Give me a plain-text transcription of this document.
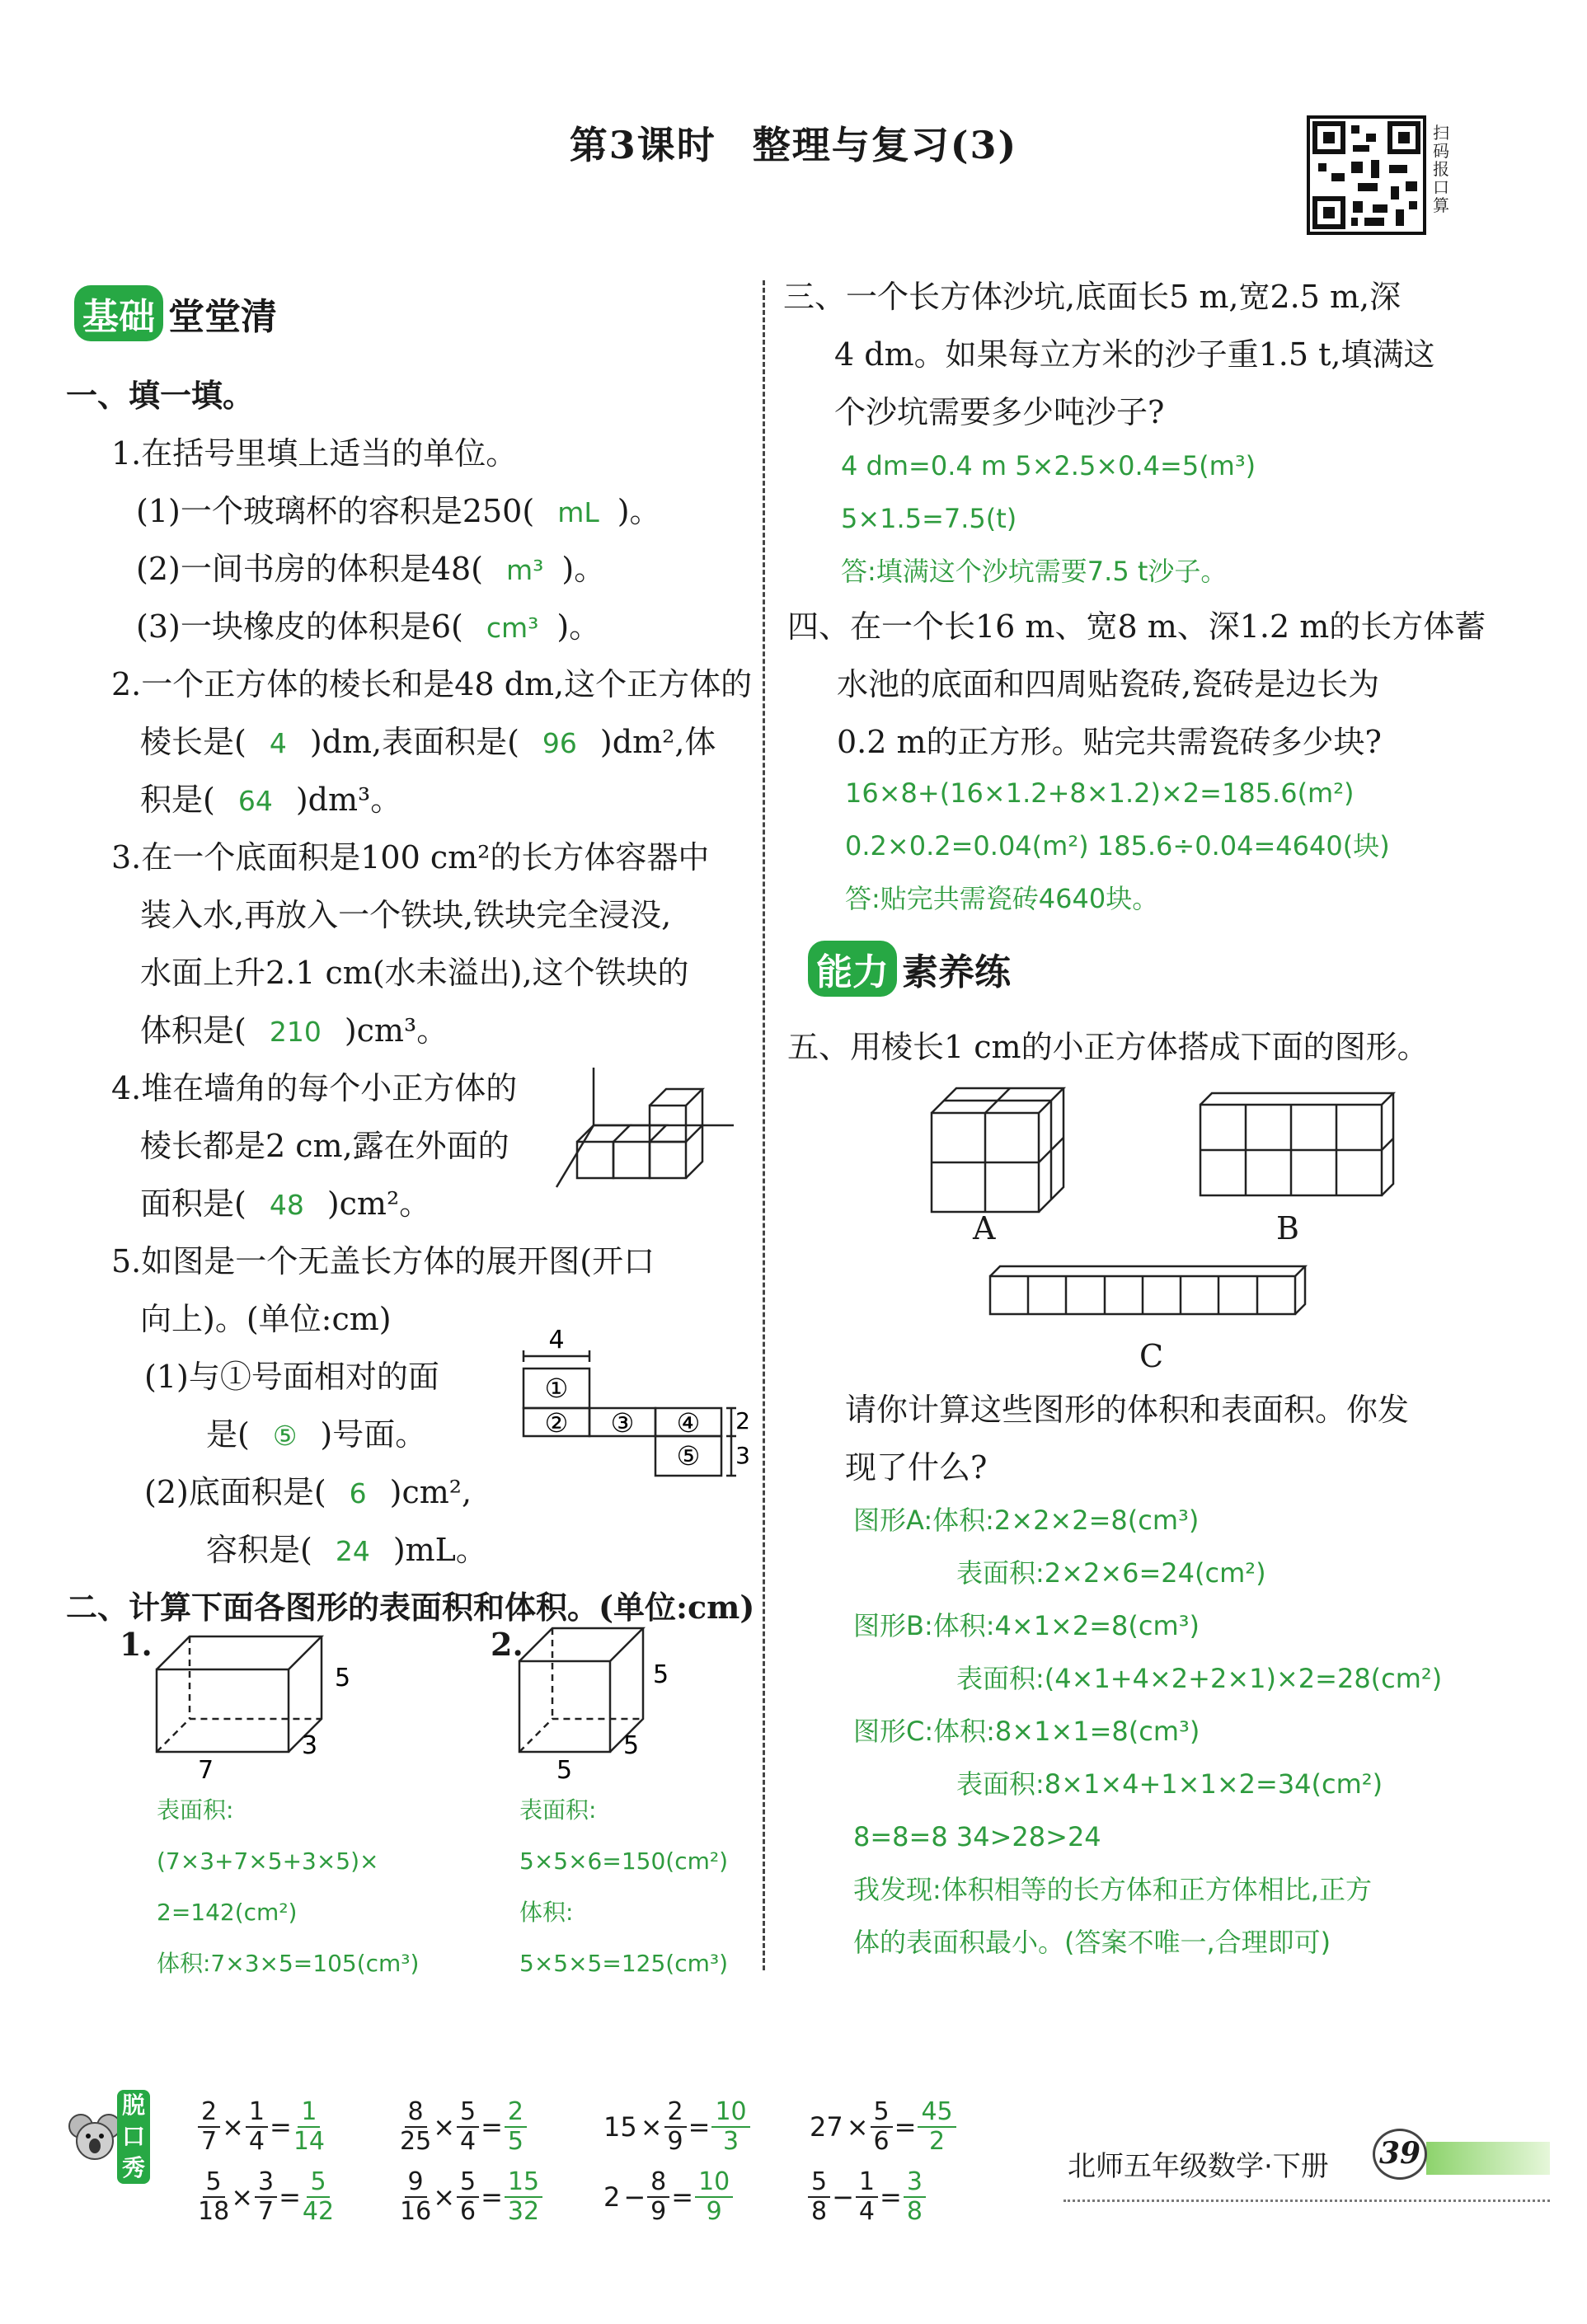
第3课时 整理与复习(3)	扫码报口算
基础 堂堂清
一、填一填。
1.在括号里填上适当的单位。
(1)一个玻璃杯的容积是250( mL )。
(2)一间书房的体积是48( m³ )。
(3)一块橡皮的体积是6( cm³ )。
2.一个正方体的棱长和是48 dm,这个正方体的
棱长是( 4 )dm,表面积是( 96 )dm²,体
积是( 64 )dm³。
3.在一个底面积是100 cm²的长方体容器中
装入水,再放入一个铁块,铁块完全浸没,
水面上升2.1 cm(水未溢出),这个铁块的
体积是( 210 )cm³。
4.堆在墙角的每个小正方体的
棱长都是2 cm,露在外面的
面积是( 48 )cm²。
5.如图是一个无盖长方体的展开图(开口
向上)。(单位:cm)
(1)与①号面相对的面
是( ⑤ )号面。
(2)底面积是( 6 )cm²,
容积是( 24 )mL。
4
①
② ③ ④
⑤
2
3
二、计算下面各图形的表面积和体积。(单位:cm)
1.
5
3
7
2.
5
5
5
表面积:
(7×3+7×5+3×5)×
2=142(cm²)
体积:7×3×5=105(cm³)
表面积:
5×5×6=150(cm²)
体积:
5×5×5=125(cm³)
三、一个长方体沙坑,底面长5 m,宽2.5 m,深
4 dm。如果每立方米的沙子重1.5 t,填满这
个沙坑需要多少吨沙子?
4 dm=0.4 m 5×2.5×0.4=5(m³)
5×1.5=7.5(t)
答:填满这个沙坑需要7.5 t沙子。
四、在一个长16 m、宽8 m、深1.2 m的长方体蓄
水池的底面和四周贴瓷砖,瓷砖是边长为
0.2 m的正方形。贴完共需瓷砖多少块?
16×8+(16×1.2+8×1.2)×2=185.6(m²)
0.2×0.2=0.04(m²) 185.6÷0.04=4640(块)
答:贴完共需瓷砖4640块。
能力 素养练
五、用棱长1 cm的小正方体搭成下面的图形。
A	B
C
请你计算这些图形的体积和表面积。你发
现了什么?
图形A:体积:2×2×2=8(cm³)
表面积:2×2×6=24(cm²)
图形B:体积:4×1×2=8(cm³)
表面积:(4×1+4×2+2×1)×2=28(cm²)
图形C:体积:8×1×1=8(cm³)
表面积:8×1×4+1×1×2=34(cm²)
8=8=8 34>28>24
我发现:体积相等的长方体和正方体相比,正方
体的表面积最小。(答案不唯一,合理即可)
脱
口
秀
$\frac{2}{7} \times \frac{1}{4} = \frac{1}{14}$	$\frac{8}{25} \times \frac{5}{4} = \frac{2}{5}$	$15 \times \frac{2}{9} = \frac{10}{3} 27 \times \frac{5}{6} = \frac{45}{2}$
$\frac{5}{18} \times \frac{3}{7} = \frac{5}{42}$	$\frac{9}{16} \times \frac{5}{6} = \frac{15}{32} 2 - \frac{8}{9} = \frac{10}{9}$	$\frac{5}{8} - \frac{1}{4} = \frac{3}{8}$
北师五年级数学·下册 39
